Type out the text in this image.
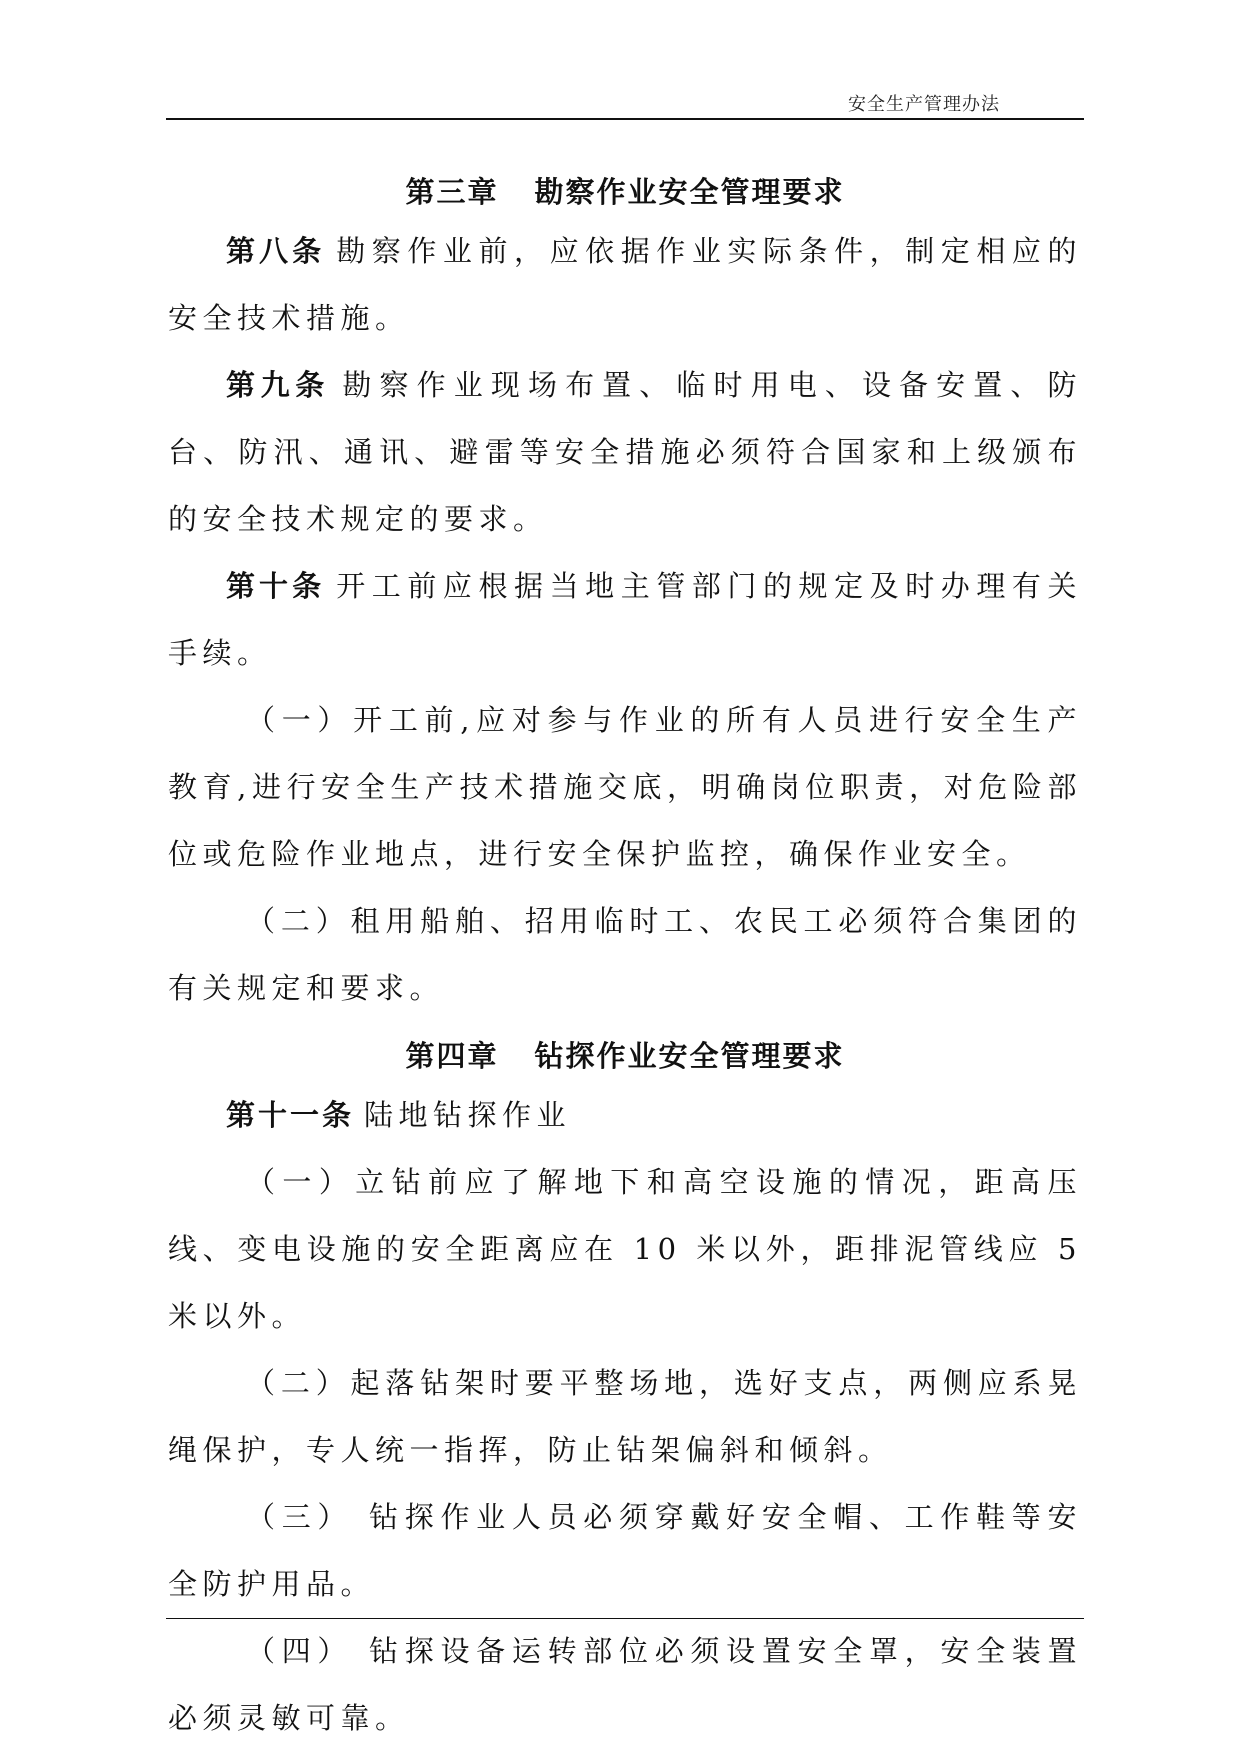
安全生产管理办法
第三章 勘察作业安全管理要求

第八条 勘察作业前，应依据作业实际条件，制定相应的安全技术措施。

第九条 勘察作业现场布置、临时用电、设备安置、防台、防汛、通讯、避雷等安全措施必须符合国家和上级颁布的安全技术规定的要求。

第十条 开工前应根据当地主管部门的规定及时办理有关手续。

（一）开工前,应对参与作业的所有人员进行安全生产教育,进行安全生产技术措施交底，明确岗位职责，对危险部位或危险作业地点，进行安全保护监控，确保作业安全。

（二）租用船舶、招用临时工、农民工必须符合集团的有关规定和要求。

第四章 钻探作业安全管理要求

第十一条 陆地钻探作业

（一）立钻前应了解地下和高空设施的情况，距高压线、变电设施的安全距离应在 10 米以外，距排泥管线应 5 米以外。

（二）起落钻架时要平整场地，选好支点，两侧应系晃绳保护，专人统一指挥，防止钻架偏斜和倾斜。

（三） 钻探作业人员必须穿戴好安全帽、工作鞋等安全防护用品。

（四） 钻探设备运转部位必须设置安全罩，安全装置必须灵敏可靠。
